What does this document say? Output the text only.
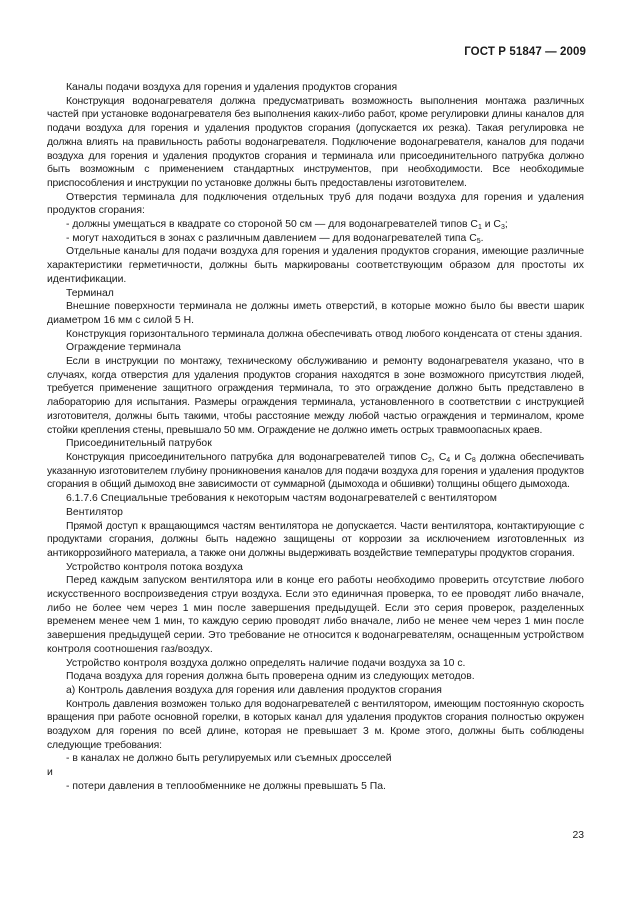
ГОСТ Р 51847 — 2009

Каналы подачи воздуха для горения и удаления продуктов сгорания

Конструкция водонагревателя должна предусматривать возможность выполнения монтажа различных частей при установке водонагревателя без выполнения каких-либо работ, кроме регулировки длины каналов для подачи воздуха для горения и удаления продуктов сгорания (допускается их резка). Такая регулировка не должна влиять на правильность работы водонагревателя. Подключение водонагревателя, каналов для подачи воздуха для горения и удаления продуктов сгорания и терминала или присоединительного патрубка должно быть возможным с применением стандартных инструментов, при необходимости. Все необходимые приспособления и инструкции по установке должны быть предоставлены изготовителем.

Отверстия терминала для подключения отдельных труб для подачи воздуха для горения и удаления продуктов сгорания:

- должны умещаться в квадрате со стороной 50 см — для водонагревателей типов $С_1$ и $С_3$;

- могут находиться в зонах с различным давлением — для водонагревателей типа $С_5$.

Отдельные каналы для подачи воздуха для горения и удаления продуктов сгорания, имеющие различные характеристики герметичности, должны быть маркированы соответствующим образом для простоты их идентификации.

Терминал

Внешние поверхности терминала не должны иметь отверстий, в которые можно было бы ввести шарик диаметром 16 мм с силой 5 Н.

Конструкция горизонтального терминала должна обеспечивать отвод любого конденсата от стены здания.

Ограждение терминала

Если в инструкции по монтажу, техническому обслуживанию и ремонту водонагревателя указано, что в случаях, когда отверстия для удаления продуктов сгорания находятся в зоне возможного присутствия людей, требуется применение защитного ограждения терминала, то это ограждение должно быть представлено в лабораторию для испытания. Размеры ограждения терминала, установленного в соответствии с инструкцией изготовителя, должны быть такими, чтобы расстояние между любой частью ограждения и терминалом, кроме стойки крепления стены, превышало 50 мм. Ограждение не должно иметь острых травмоопасных краев.

Присоединительный патрубок

Конструкция присоединительного патрубка для водонагревателей типов $С_2$, $С_4$ и $С_8$ должна обеспечивать указанную изготовителем глубину проникновения каналов для подачи воздуха для горения и удаления продуктов сгорания в общий дымоход вне зависимости от суммарной (дымохода и обшивки) толщины общего дымохода.

6.1.7.6 Специальные требования к некоторым частям водонагревателей с вентилятором

Вентилятор

Прямой доступ к вращающимся частям вентилятора не допускается. Части вентилятора, контактирующие с продуктами сгорания, должны быть надежно защищены от коррозии за исключением изготовленных из антикоррозийного материала, а также они должны выдерживать воздействие температуры продуктов сгорания.

Устройство контроля потока воздуха

Перед каждым запуском вентилятора или в конце его работы необходимо проверить отсутствие любого искусственного воспроизведения струи воздуха. Если это единичная проверка, то ее проводят либо вначале, либо не более чем через 1 мин после завершения предыдущей. Если это серия проверок, разделенных временем менее чем 1 мин, то каждую серию проводят либо вначале, либо не менее чем через 1 мин после завершения предыдущей серии. Это требование не относится к водонагревателям, оснащенным устройством контроля соотношения газ/воздух.

Устройство контроля воздуха должно определять наличие подачи воздуха за 10 с.

Подача воздуха для горения должна быть проверена одним из следующих методов.

а) Контроль давления воздуха для горения или давления продуктов сгорания

Контроль давления возможен только для водонагревателей с вентилятором, имеющим постоянную скорость вращения при работе основной горелки, в которых канал для удаления продуктов сгорания полностью окружен воздухом для горения по всей длине, которая не превышает 3 м. Кроме этого, должны быть соблюдены следующие требования:

- в каналах не должно быть регулируемых или съемных дросселей

и

- потери давления в теплообменнике не должны превышать 5 Па.

23
